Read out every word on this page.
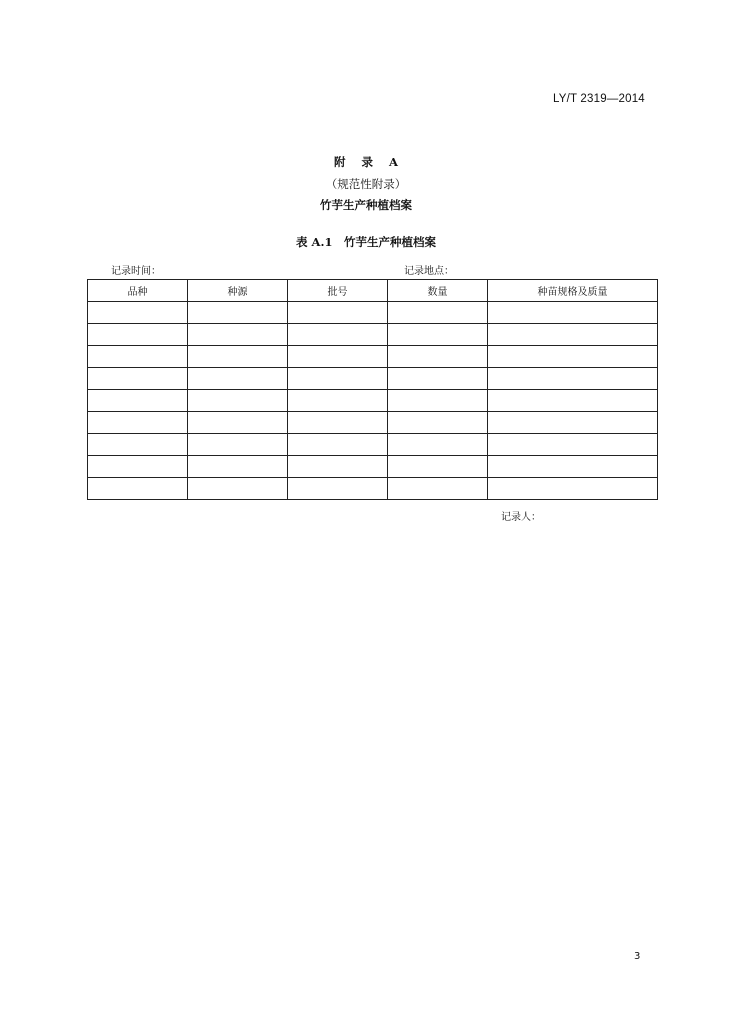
LY/T 2319—2014
附 录 A
（规范性附录）
竹芋生产种植档案
表 A.1　竹芋生产种植档案
记录时间：	记录地点：
品种	种源	批号	数量	种苗规格及质量

记录人：
3
